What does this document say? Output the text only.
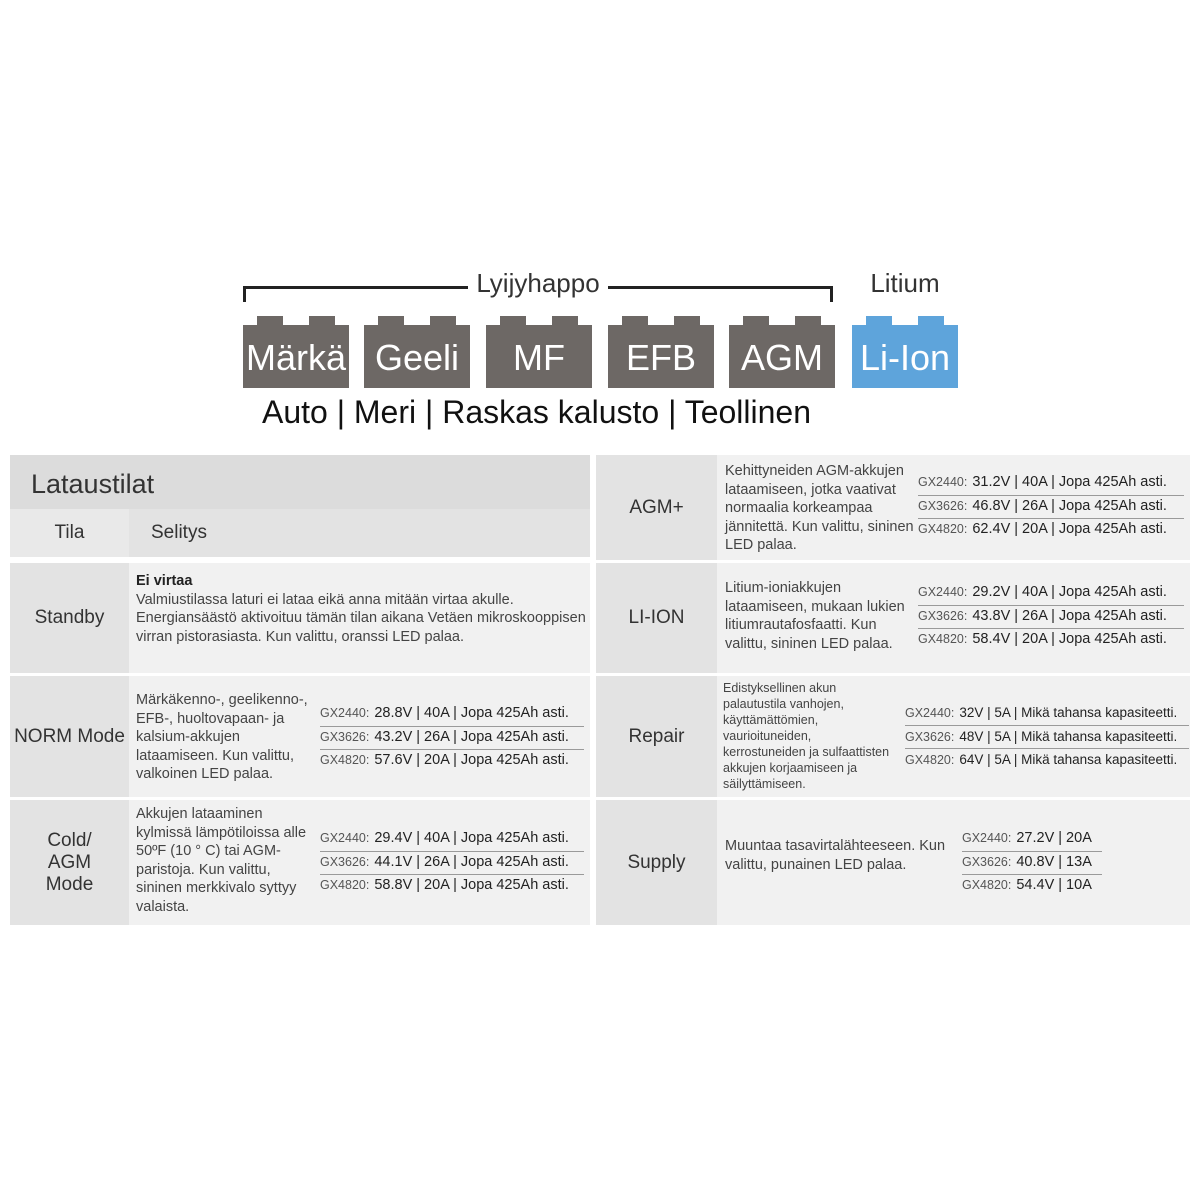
Lyijyhappo	Litium
Märkä Geeli	MF	EFB	AGM	Li-Ion
Auto | Meri | Raskas kalusto | Teollinen
Lataustilat
Tila	Selitys
Standby
Ei virtaa
Valmiustilassa laturi ei lataa eikä anna mitään virtaa akulle. Energiansäästö aktivoituu tämän tilan aikana Vetäen mikroskooppisen virran pistorasiasta. Kun valittu, oranssi LED palaa.
NORM Mode
Märkäkenno-, geelikenno-, EFB-, huoltovapaan- ja kalsium-akkujen lataamiseen. Kun valittu, valkoinen LED palaa.
GX2440: 28.8V | 40A | Jopa 425Ah asti.
GX3626: 43.2V | 26A | Jopa 425Ah asti.
GX4820: 57.6V | 20A | Jopa 425Ah asti.
Cold/ AGM Mode
Akkujen lataaminen kylmissä lämpötiloissa alle 50ºF (10 ° C) tai AGM-paristoja. Kun valittu, sininen merkkivalo syttyy valaista.
GX2440: 29.4V | 40A | Jopa 425Ah asti.
GX3626: 44.1V | 26A | Jopa 425Ah asti.
GX4820: 58.8V | 20A | Jopa 425Ah asti.
AGM+
Kehittyneiden AGM-akkujen lataamiseen, jotka vaativat normaalia korkeampaa jännitettä. Kun valittu, sininen LED palaa.
GX2440: 31.2V | 40A | Jopa 425Ah asti.
GX3626: 46.8V | 26A | Jopa 425Ah asti.
GX4820: 62.4V | 20A | Jopa 425Ah asti.
LI-ION
Litium-ioniakkujen lataamiseen, mukaan lukien litiumrautafosfaatti. Kun valittu, sininen LED palaa.
GX2440: 29.2V | 40A | Jopa 425Ah asti.
GX3626: 43.8V | 26A | Jopa 425Ah asti.
GX4820: 58.4V | 20A | Jopa 425Ah asti.
Repair
Edistyksellinen akun palautustila vanhojen, käyttämättömien, vaurioituneiden, kerrostuneiden ja sulfaattisten akkujen korjaamiseen ja säilyttämiseen.
GX2440: 32V | 5A | Mikä tahansa kapasiteetti.
GX3626: 48V | 5A | Mikä tahansa kapasiteetti.
GX4820: 64V | 5A | Mikä tahansa kapasiteetti.
Supply
Muuntaa tasavirtalähteeseen. Kun valittu, punainen LED palaa.
GX2440: 27.2V | 20A
GX3626: 40.8V | 13A
GX4820: 54.4V | 10A
